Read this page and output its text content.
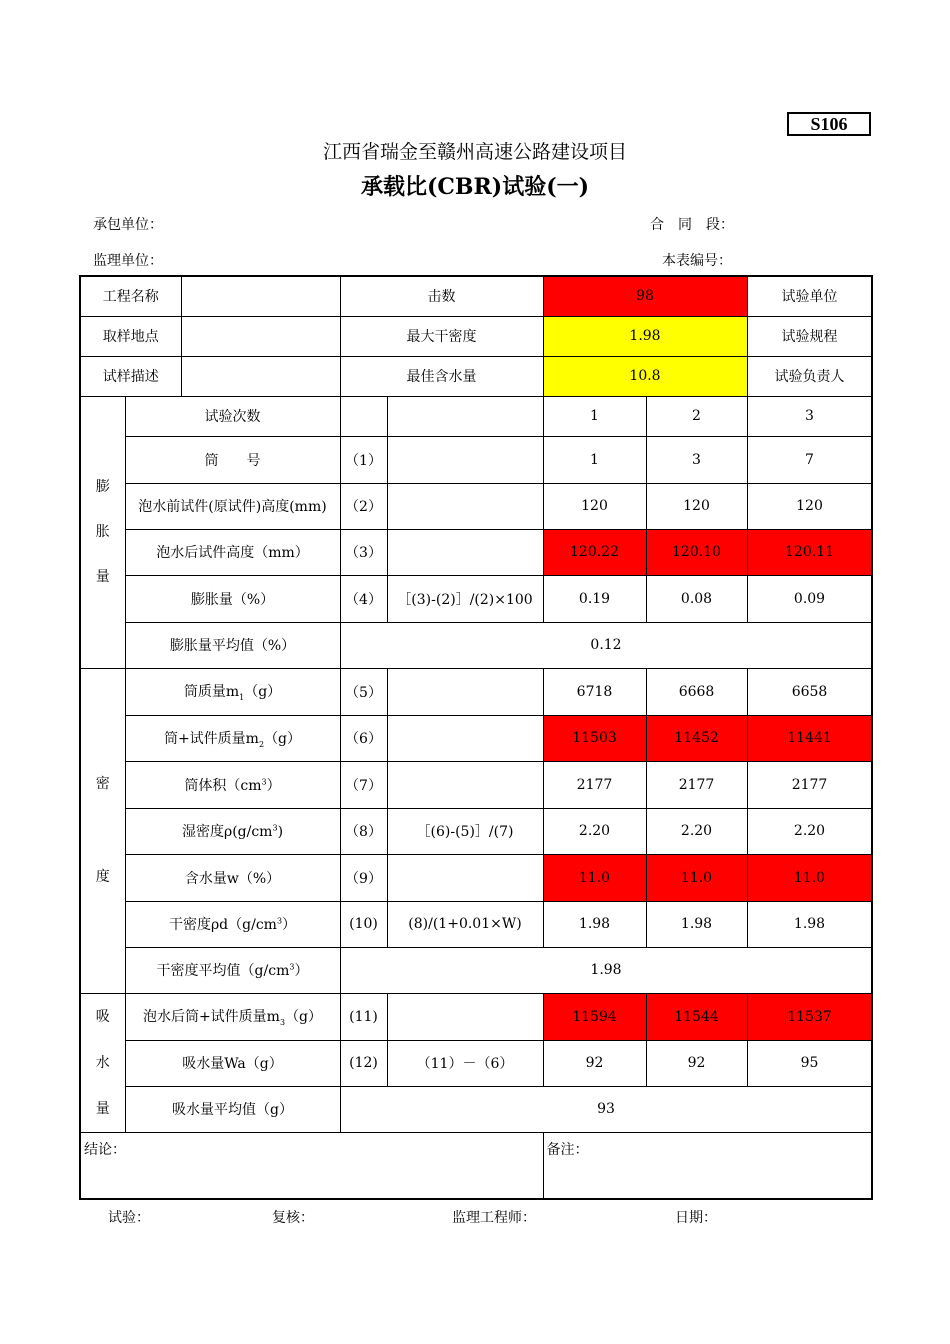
S106
江西省瑞金至赣州高速公路建设项目
承载比(CBR)试验(一)
承包单位：	合　同　段：
监理单位：	本表编号：
工程名称			击数		98		试验单位	
取样地点			最大干密度		1.98		试验规程	
试样描述			最佳含水量		10.8		试验负责人	
膨
胀
量	试验次数				1	2	3	
	筒　　号		（1）		1	3	7	
	泡水前试件(原试件)高度(mm)		（2）		120	120	120	
	泡水后试件高度（mm）		（3）		120.22	120.10	120.11	
	膨胀量（%）		（4）	［(3)-(2)］/(2)×100	0.19	0.08	0.09	
	膨胀量平均值（%）		0.12					
密
度	筒质量$m_1(g)$		（5）		6718	6668	6658	
	筒+试件质量$m_2(g)$		（6）		11503	11452	11441	
	筒体积$(cm^3)$		（7）		2177	2177	2177	
	湿密度$\rho(g/cm^3)$		（8）	［(6)-(5)］/(7)	2.20	2.20	2.20	
	含水量w（%）		（9）		11.0	11.0	11.0	
	干密度$\rho d(g/cm^3)$		(10)	(8)/(1+0.01×W)	1.98	1.98	1.98	
	干密度平均值$(g/cm^3)$		1.98					
吸
水
量	泡水后筒+试件质量$m_3(g)$		(11)		11594	11544	11537	
	吸水量Wa（g）		(12)	（11）－（6）	92	92	95	
	吸水量平均值（g）		93					
结论：					备注：			
试验：	复核：	监理工程师：	日期：
